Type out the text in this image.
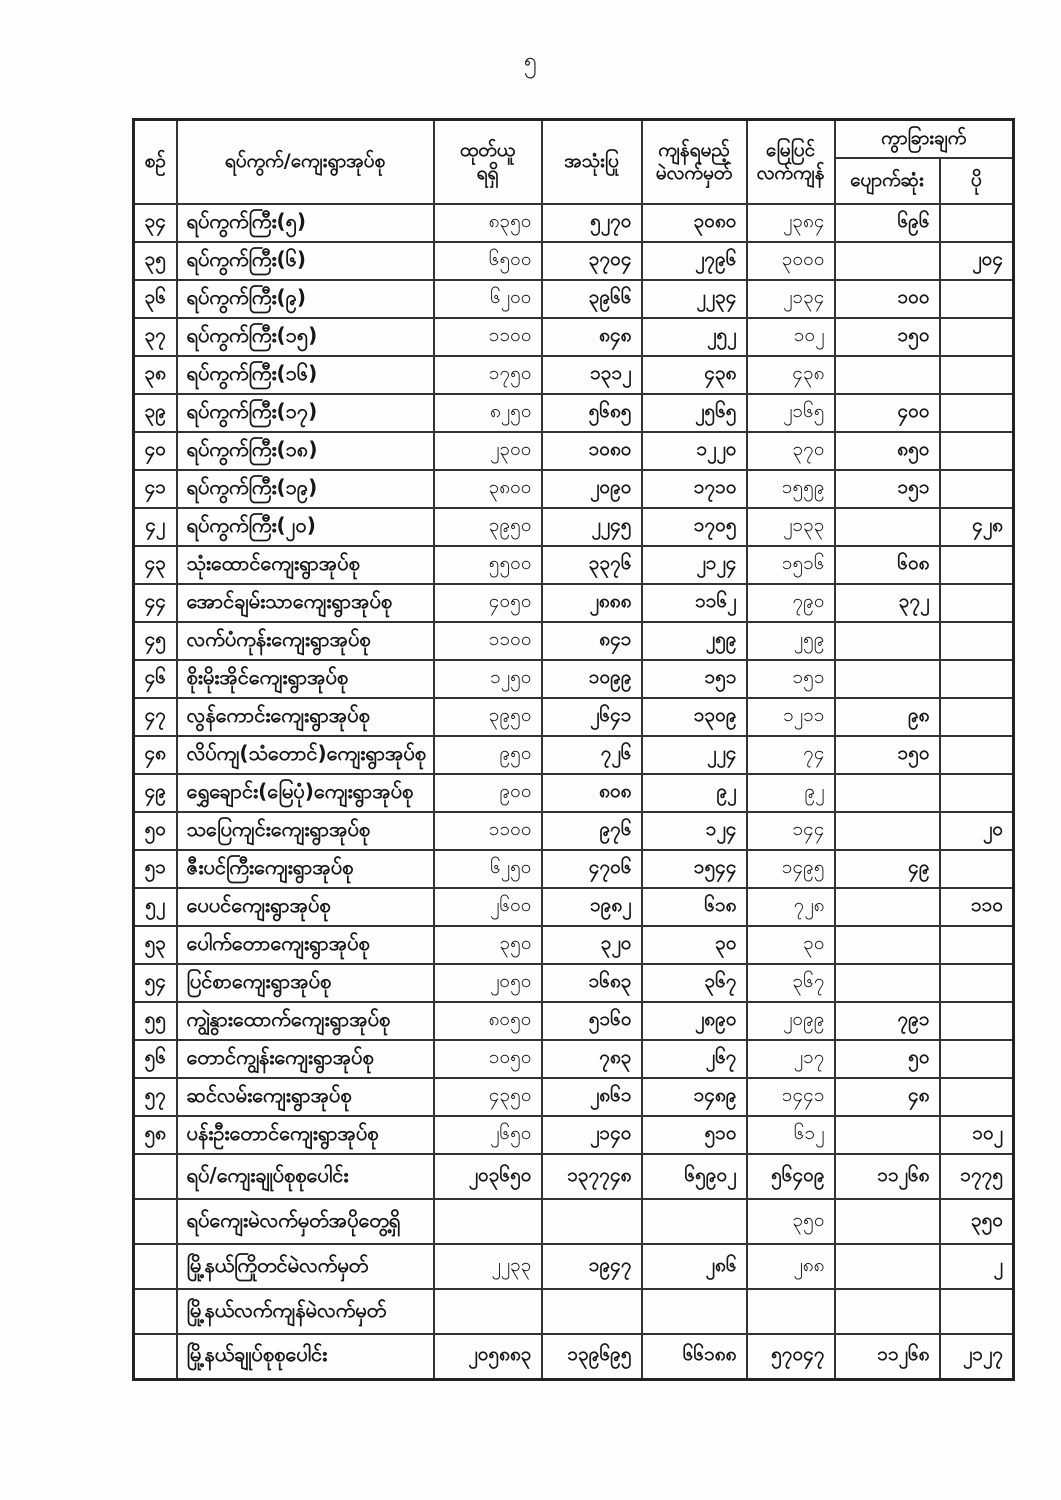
၅
စဉ်	ရပ်ကွက်/ကျေးရွာအုပ်စု	ထုတ်ယူ
ရရှိ
	အသုံးပြု	ကျန်ရမည့်
မဲလက်မှတ်

မြေပြင်
လက်ကျန်
	ကွာခြားချက်
						ပျောက်ဆုံး	ပို
၃၄	ရပ်ကွက်ကြီး(၅)	၈၃၅၀	၅၂၇၀	၃၀၈၀	၂၃၈၄	၆၉၆	
၃၅	ရပ်ကွက်ကြီး(၆)	၆၅၀၀	၃၇၀၄	၂၇၉၆	၃၀၀၀		၂၀၄
၃၆	ရပ်ကွက်ကြီး(၉)	၆၂၀၀	၃၉၆၆	၂၂၃၄	၂၁၃၄	၁၀၀	
၃၇	ရပ်ကွက်ကြီး(၁၅)	၁၁၀၀	၈၄၈	၂၅၂	၁၀၂	၁၅၀	
၃၈	ရပ်ကွက်ကြီး(၁၆)	၁၇၅၀	၁၃၁၂	၄၃၈	၄၃၈		
၃၉	ရပ်ကွက်ကြီး(၁၇)	၈၂၅၀	၅၆၈၅	၂၅၆၅	၂၁၆၅	၄၀၀	
၄၀	ရပ်ကွက်ကြီး(၁၈)	၂၃၀၀	၁၀၈၀	၁၂၂၀	၃၇၀	၈၅၀	
၄၁	ရပ်ကွက်ကြီး(၁၉)	၃၈၀၀	၂၀၉၀	၁၇၁၀	၁၅၅၉	၁၅၁	
၄၂	ရပ်ကွက်ကြီး(၂၀)	၃၉၅၀	၂၂၄၅	၁၇၀၅	၂၁၃၃		၄၂၈
၄၃	သုံးထောင်ကျေးရွာအုပ်စု	၅၅၀၀	၃၃၇၆	၂၁၂၄	၁၅၁၆	၆၀၈	
၄၄	အောင်ချမ်းသာကျေးရွာအုပ်စု	၄၀၅၀	၂၈၈၈	၁၁၆၂	၇၉၀	၃၇၂	
၄၅	လက်ပံကုန်းကျေးရွာအုပ်စု	၁၁၀၀	၈၄၁	၂၅၉	၂၅၉		
၄၆	စိုးမိုးအိုင်ကျေးရွာအုပ်စု	၁၂၅၀	၁၀၉၉	၁၅၁	၁၅၁		
၄၇	လွန်ကောင်းကျေးရွာအုပ်စု	၃၉၅၀	၂၆၄၁	၁၃၀၉	၁၂၁၁	၉၈	
၄၈	လိပ်ကျ(သံတောင်)ကျေးရွာအုပ်စု	၉၅၀	၇၂၆	၂၂၄	၇၄	၁၅၀	
၄၉	ရွှေချောင်း(မြေပုံ)ကျေးရွာအုပ်စု	၉၀၀	၈၀၈	၉၂	၉၂		
၅၀	သပြေကျင်းကျေးရွာအုပ်စု	၁၁၀၀	၉၇၆	၁၂၄	၁၄၄		၂၀
၅၁	ဇီးပင်ကြီးကျေးရွာအုပ်စု	၆၂၅၀	၄၇၀၆	၁၅၄၄	၁၄၉၅	၄၉	
၅၂	ပေပင်ကျေးရွာအုပ်စု	၂၆၀၀	၁၉၈၂	၆၁၈	၇၂၈		၁၁၀
၅၃	ပေါက်တောကျေးရွာအုပ်စု	၃၅၀	၃၂၀	၃၀	၃၀		
၅၄	ပြင်စာကျေးရွာအုပ်စု	၂၀၅၀	၁၆၈၃	၃၆၇	၃၆၇		
၅၅	ကျွဲနွားထောက်ကျေးရွာအုပ်စု	၈၀၅၀	၅၁၆၀	၂၈၉၀	၂၀၉၉	၇၉၁	
၅၆	တောင်ကျွန်းကျေးရွာအုပ်စု	၁၀၅၀	၇၈၃	၂၆၇	၂၁၇	၅၀	
၅၇	ဆင်လမ်းကျေးရွာအုပ်စု	၄၃၅၀	၂၈၆၁	၁၄၈၉	၁၄၄၁	၄၈	
၅၈	ပန်းဦးတောင်ကျေးရွာအုပ်စု	၂၆၅၀	၂၁၄၀	၅၁၀	၆၁၂		၁၀၂
	ရပ်/ကျေးချုပ်စုစုပေါင်း	၂၀၃၆၅၀	၁၃၇၇၄၈	၆၅၉၀၂	၅၆၄၀၉	၁၁၂၆၈	၁၇၇၅
	ရပ်ကျေးမဲလက်မှတ်အပိုတွေ့ရှိ				၃၅၀		၃၅၀
	မြို့နယ်ကြိုတင်မဲလက်မှတ်	၂၂၃၃	၁၉၄၇	၂၈၆	၂၈၈		၂
	မြို့နယ်လက်ကျန်မဲလက်မှတ်						
	မြို့နယ်ချုပ်စုစုပေါင်း	၂၀၅၈၈၃	၁၃၉၆၉၅	၆၆၁၈၈	၅၇၀၄၇	၁၁၂၆၈	၂၁၂၇
